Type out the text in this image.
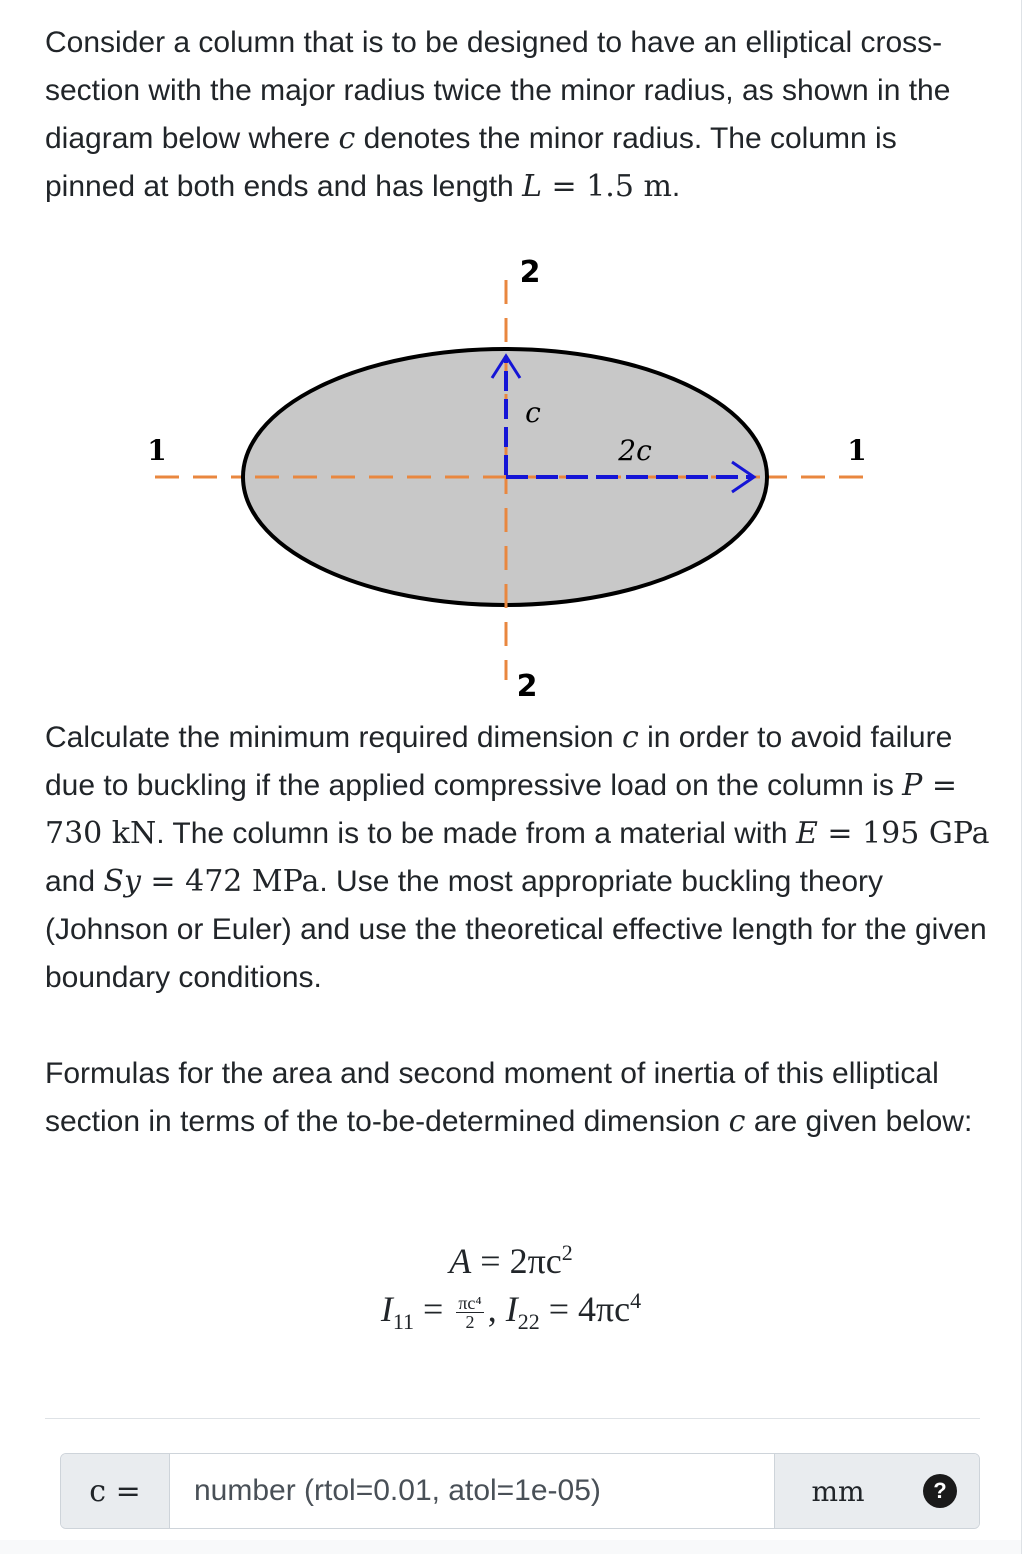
Consider a column that is to be designed to have an elliptical cross-section with the major radius twice the minor radius, as shown in the diagram below where c denotes the minor radius. The column is pinned at both ends and has length L = 1.5 m.

1	1
2
2
c
2c

Calculate the minimum required dimension c in order to avoid failure due to buckling if the applied compressive load on the column is P = 730 kN. The column is to be made from a material with E = 195 GPa and Sy = 472 MPa. Use the most appropriate buckling theory (Johnson or Euler) and use the theoretical effective length for the given boundary conditions.

Formulas for the area and second moment of inertia of this elliptical section in terms of the to-be-determined dimension c are given below:

$A = 2\pi c^2$
$I_{11} = \frac{\text{πc⁴}}{2}$ , $I_{22} = 4\pi c^4$
c =
number (rtol=0.01, atol=1e-05)	mm	?
